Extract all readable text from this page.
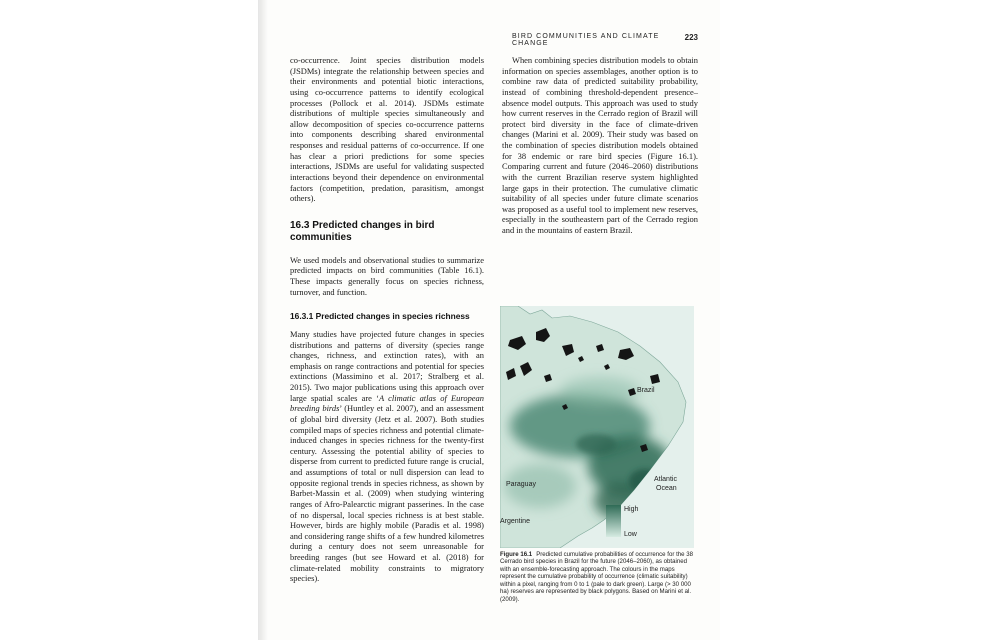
BIRD COMMUNITIES AND CLIMATE CHANGE
223

co-occurrence. Joint species distribution models (JSDMs) integrate the relationship between species and their environments and potential biotic interactions, using co-occurrence patterns to identify ecological processes (Pollock et al. 2014). JSDMs estimate distributions of multiple species simultaneously and allow decomposition of species co-occurrence patterns into components describing shared environmental responses and residual patterns of co-occurrence. If one has clear a priori predictions for some species interactions, JSDMs are useful for validating suspected interactions beyond their dependence on environmental factors (competition, predation, parasitism, amongst others).

16.3 Predicted changes in bird communities

We used models and observational studies to summarize predicted impacts on bird communities (Table 16.1). These impacts generally focus on species richness, turnover, and function.

16.3.1 Predicted changes in species richness

Many studies have projected future changes in species distributions and patterns of diversity (species range changes, richness, and extinction rates), with an emphasis on range contractions and potential for species extinctions (Massimino et al. 2017; Stralberg et al. 2015). Two major publications using this approach over large spatial scales are ‘A climatic atlas of European breeding birds’ (Huntley et al. 2007), and an assessment of global bird diversity (Jetz et al. 2007). Both studies compiled maps of species richness and potential climate-induced changes in species richness for the twenty-first century. Assessing the potential ability of species to disperse from current to predicted future range is crucial, and assumptions of total or null dispersion can lead to opposite regional trends in species richness, as shown by Barbet-Massin et al. (2009) when studying wintering ranges of Afro-Palearctic migrant passerines. In the case of no dispersal, local species richness is at best stable. However, birds are highly mobile (Paradis et al. 1998) and considering range shifts of a few hundred kilometres during a century does not seem unreasonable for breeding ranges (but see Howard et al. (2018) for climate-related mobility constraints to migratory species).

When combining species distribution models to obtain information on species assemblages, another option is to combine raw data of predicted suitability probability, instead of combining threshold-dependent presence–absence model outputs. This approach was used to study how current reserves in the Cerrado region of Brazil will protect bird diversity in the face of climate-driven changes (Marini et al. 2009). Their study was based on the combination of species distribution models obtained for 38 endemic or rare bird species (Figure 16.1). Comparing current and future (2046–2060) distributions with the current Brazilian reserve system highlighted large gaps in their protection. The cumulative climatic suitability of all species under future climate scenarios was proposed as a useful tool to implement new reserves, especially in the southeastern part of the Cerrado region and in the mountains of eastern Brazil.

Brazil
Atlantic
Ocean
Paraguay
Argentine
High
Low
Figure 16.1 Predicted cumulative probabilities of occurrence for the 38 Cerrado bird species in Brazil for the future (2046–2060), as obtained with an ensemble-forecasting approach. The colours in the maps represent the cumulative probability of occurrence (climatic suitability) within a pixel, ranging from 0 to 1 (pale to dark green). Large (> 30 000 ha) reserves are represented by black polygons. Based on Marini et al. (2009).
